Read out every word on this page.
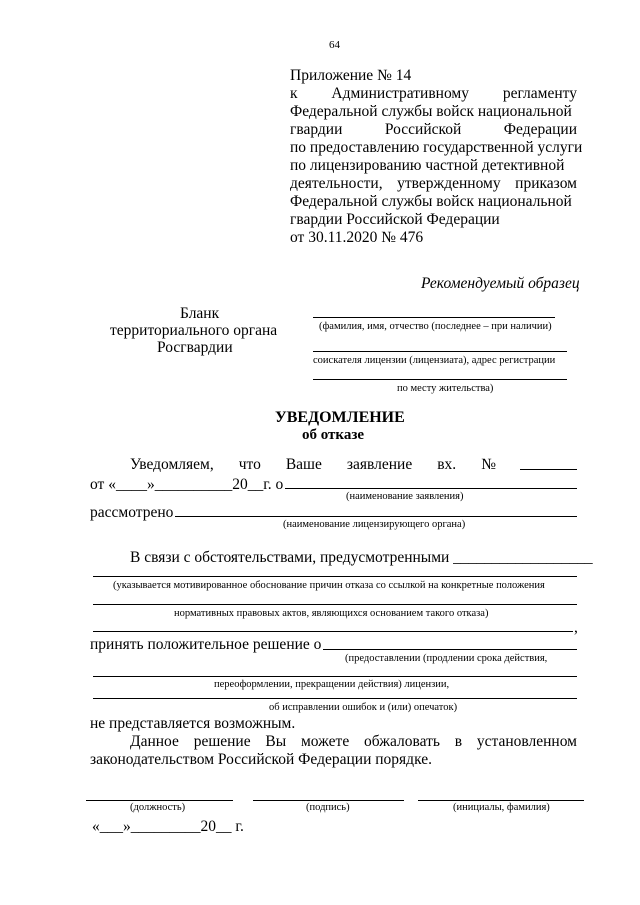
64
Приложение № 14
к Административному регламенту
Федеральной службы войск национальной
гвардии	Российской	Федерации
по предоставлению государственной услуги
по лицензированию частной детективной
деятельности, утвержденному приказом
Федеральной службы войск национальной
гвардии Российской Федерации
от 30.11.2020 № 476
Рекомендуемый образец
Бланк
территориального органа
Росгвардии
(фамилия, имя, отчество (последнее – при наличии)
соискателя лицензии (лицензиата), адрес регистрации
по месту жительства)
УВЕДОМЛЕНИЕ
об отказе
Уведомляем, что Ваше заявление вх. №
от «____»__________20__г. о
(наименование заявления)
рассмотрено
(наименование лицензирующего органа)
В связи с обстоятельствами, предусмотренными __________________
(указывается мотивированное обоснование причин отказа со ссылкой на конкретные положения
нормативных правовых актов, являющихся основанием такого отказа)
,
принять положительное решение о
(предоставлении (продлении срока действия,
переоформлении, прекращении действия) лицензии,
об исправлении ошибок и (или) опечаток)
не представляется возможным.
Данное решение Вы можете обжаловать в установленном
законодательством Российской Федерации порядке.
(должность)	(подпись)	(инициалы, фамилия)
«___»_________20__ г.
